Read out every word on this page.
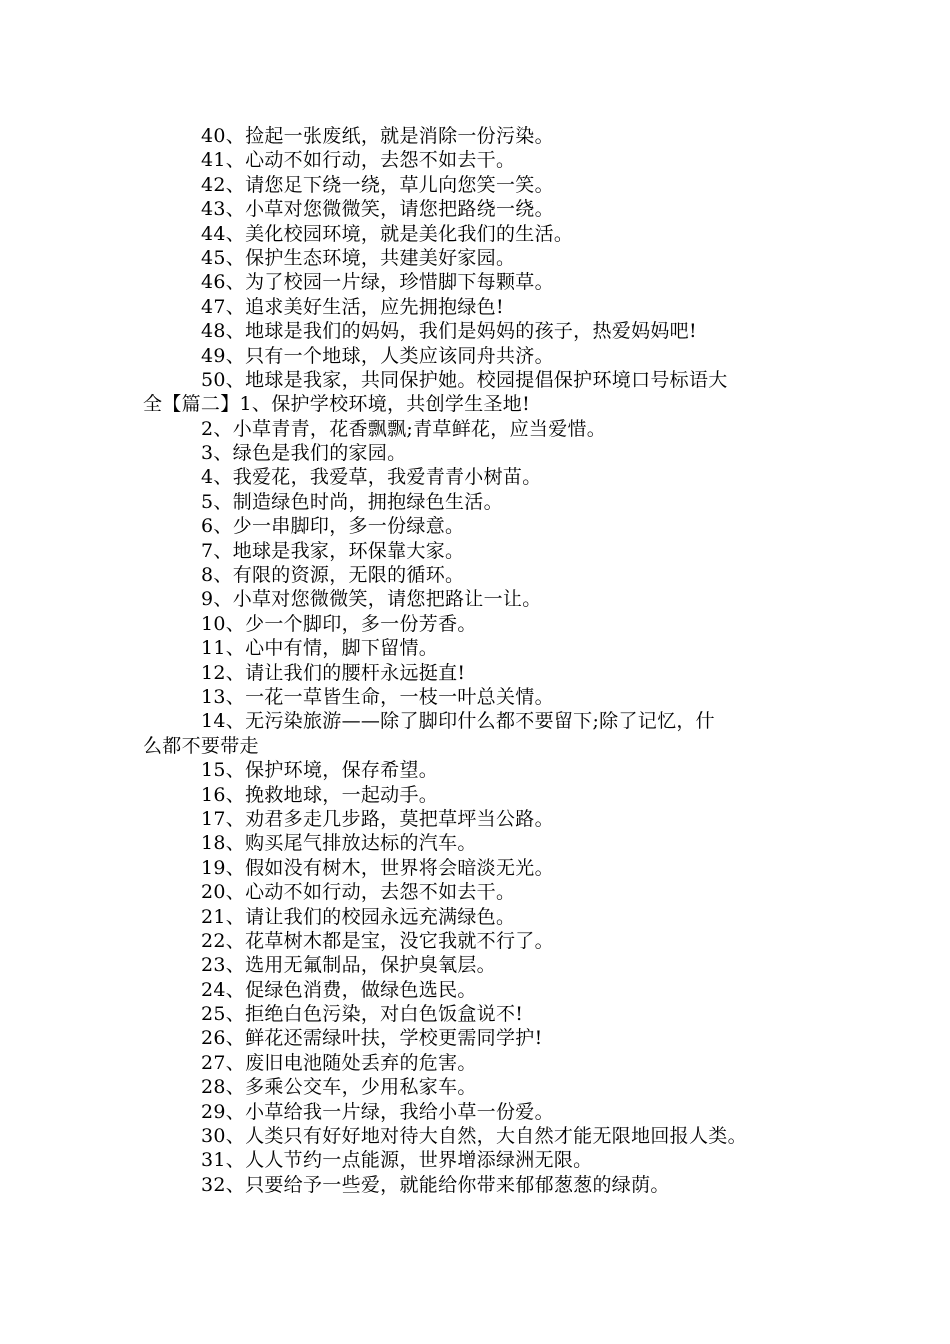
40、捡起一张废纸，就是消除一份污染。
41、心动不如行动，去怨不如去干。
42、请您足下绕一绕，草儿向您笑一笑。
43、小草对您微微笑，请您把路绕一绕。
44、美化校园环境，就是美化我们的生活。
45、保护生态环境，共建美好家园。
46、为了校园一片绿，珍惜脚下每颗草。
47、追求美好生活，应先拥抱绿色!
48、地球是我们的妈妈，我们是妈妈的孩子，热爱妈妈吧!
49、只有一个地球，人类应该同舟共济。
50、地球是我家，共同保护她。校园提倡保护环境口号标语大
全【篇二】1、保护学校环境，共创学生圣地!
2、小草青青，花香飘飘;青草鲜花，应当爱惜。
3、绿色是我们的家园。
4、我爱花，我爱草，我爱青青小树苗。
5、制造绿色时尚，拥抱绿色生活。
6、少一串脚印，多一份绿意。
7、地球是我家，环保靠大家。
8、有限的资源，无限的循环。
9、小草对您微微笑，请您把路让一让。
10、少一个脚印，多一份芳香。
11、心中有情，脚下留情。
12、请让我们的腰杆永远挺直!
13、一花一草皆生命，一枝一叶总关情。
14、无污染旅游——除了脚印什么都不要留下;除了记忆，什
么都不要带走
15、保护环境，保存希望。
16、挽救地球，一起动手。
17、劝君多走几步路，莫把草坪当公路。
18、购买尾气排放达标的汽车。
19、假如没有树木，世界将会暗淡无光。
20、心动不如行动，去怨不如去干。
21、请让我们的校园永远充满绿色。
22、花草树木都是宝，没它我就不行了。
23、选用无氟制品，保护臭氧层。
24、促绿色消费，做绿色选民。
25、拒绝白色污染，对白色饭盒说不!
26、鲜花还需绿叶扶，学校更需同学护!
27、废旧电池随处丢弃的危害。
28、多乘公交车，少用私家车。
29、小草给我一片绿，我给小草一份爱。
30、人类只有好好地对待大自然，大自然才能无限地回报人类。
31、人人节约一点能源，世界增添绿洲无限。
32、只要给予一些爱，就能给你带来郁郁葱葱的绿荫。
